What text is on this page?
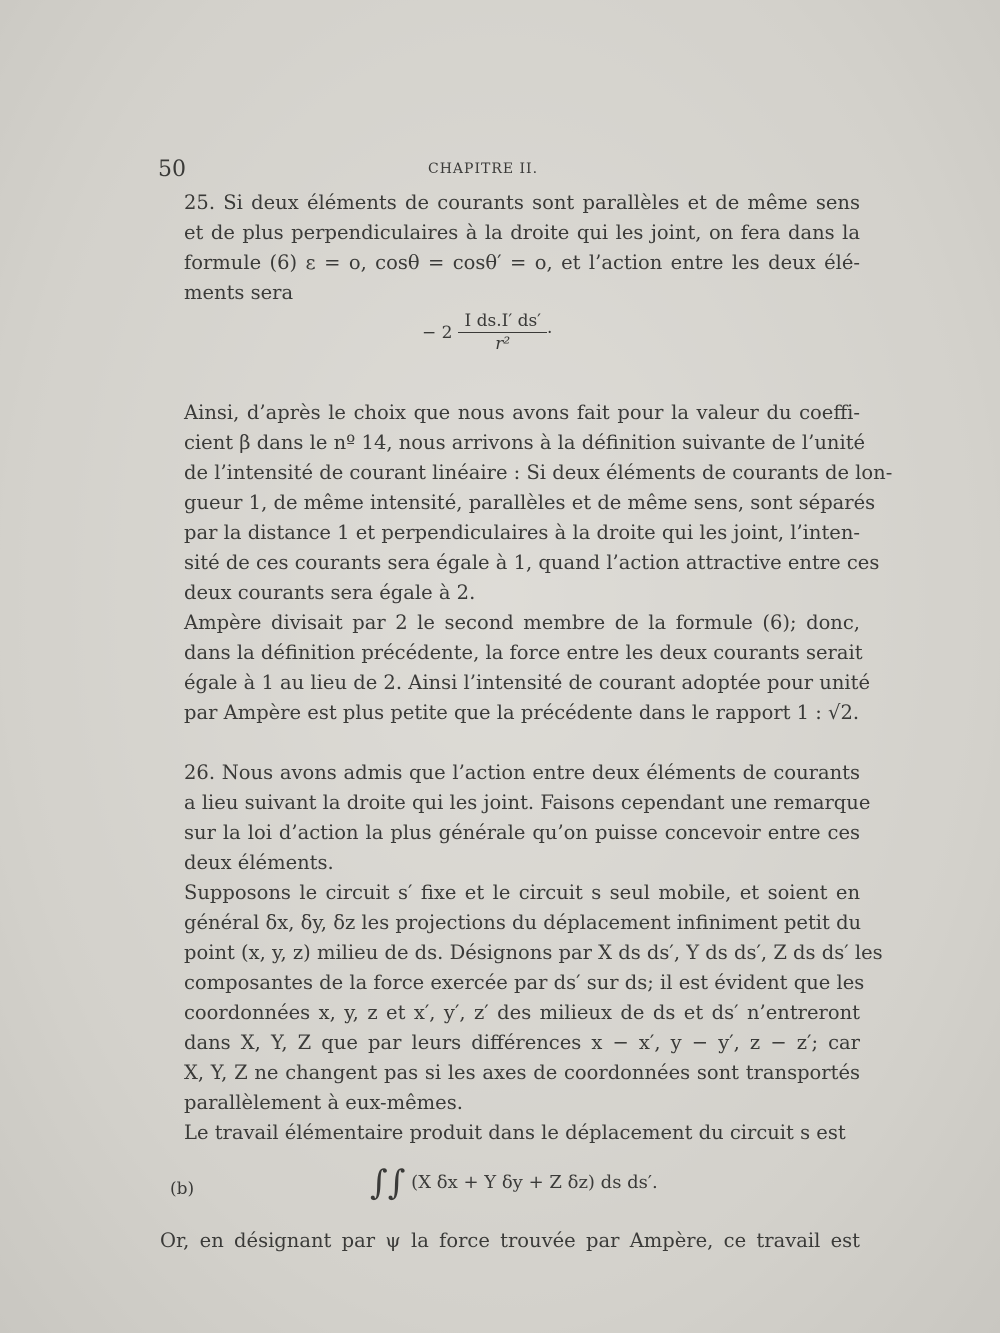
50	CHAPITRE II.

25. Si deux éléments de courants sont parallèles et de même sens
et de plus perpendiculaires à la droite qui les joint, on fera dans la
formule (6) ε = o, cosθ = cosθ′ = o, et l’action entre les deux élé-
ments sera

− $2 \frac{\text{I ds.I′ ds′}}{\text{r²}}$ ·

Ainsi, d’après le choix que nous avons fait pour la valeur du coeffi-
cient β dans le nº 14, nous arrivons à la définition suivante de l’unité
de l’intensité de courant linéaire : Si deux éléments de courants de lon-
gueur 1, de même intensité, parallèles et de même sens, sont séparés
par la distance 1 et perpendiculaires à la droite qui les joint, l’inten-
sité de ces courants sera égale à 1, quand l’action attractive entre ces
deux courants sera égale à 2.

Ampère divisait par 2 le second membre de la formule (6); donc,
dans la définition précédente, la force entre les deux courants serait
égale à 1 au lieu de 2. Ainsi l’intensité de courant adoptée pour unité
par Ampère est plus petite que la précédente dans le rapport 1 : √2.

26. Nous avons admis que l’action entre deux éléments de courants
a lieu suivant la droite qui les joint. Faisons cependant une remarque
sur la loi d’action la plus générale qu’on puisse concevoir entre ces
deux éléments.

Supposons le circuit s′ fixe et le circuit s seul mobile, et soient en
général δx, δy, δz les projections du déplacement infiniment petit du
point (x, y, z) milieu de ds. Désignons par X ds ds′, Y ds ds′, Z ds ds′ les
composantes de la force exercée par ds′ sur ds; il est évident que les
coordonnées x, y, z et x′, y′, z′ des milieux de ds et ds′ n’entreront
dans X, Y, Z que par leurs différences x − x′, y − y′, z − z′; car
X, Y, Z ne changent pas si les axes de coordonnées sont transportés
parallèlement à eux-mêmes.

Le travail élémentaire produit dans le déplacement du circuit s est

(b)	∫∫ (X δx + Y δy + Z δz) ds ds′.

Or, en désignant par ψ la force trouvée par Ampère, ce travail est
